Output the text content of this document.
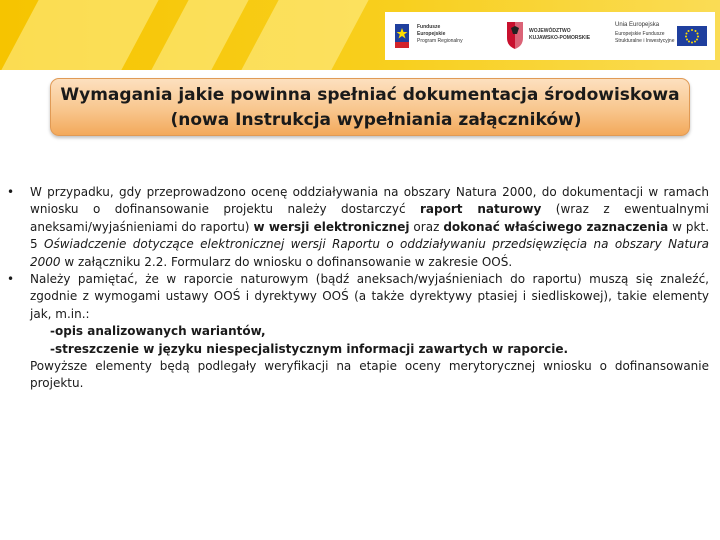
Fundusze
Europejskie
Program Regionalny
WOJEWÓDZTWO
KUJAWSKO-POMORSKIE
Unia Europejska
Europejskie Fundusze
Strukturalne i Inwestycyjne
Wymagania jakie powinna spełniać dokumentacja środowiskowa
(nowa Instrukcja wypełniania załączników)
• W przypadku, gdy przeprowadzono ocenę oddziaływania na obszary Natura 2000, do dokumentacji w ramach wniosku o dofinansowanie projektu należy dostarczyć raport naturowy (wraz z ewentualnymi aneksami/wyjaśnieniami do raportu) w wersji elektronicznej oraz dokonać właściwego zaznaczenia w pkt. 5 Oświadczenie dotyczące elektronicznej wersji Raportu o oddziaływaniu przedsięwzięcia na obszary Natura 2000 w załączniku 2.2. Formularz do wniosku o dofinansowanie w zakresie OOŚ.

• Należy pamiętać, że w raporcie naturowym (bądź aneksach/wyjaśnieniach do raportu) muszą się znaleźć, zgodnie z wymogami ustawy OOŚ i dyrektywy OOŚ (a także dyrektywy ptasiej i siedliskowej), takie elementy jak, m.in.:

-opis analizowanych wariantów,
-streszczenie w języku niespecjalistycznym informacji zawartych w raporcie.

Powyższe elementy będą podlegały weryfikacji na etapie oceny merytorycznej wniosku o dofinansowanie projektu.
